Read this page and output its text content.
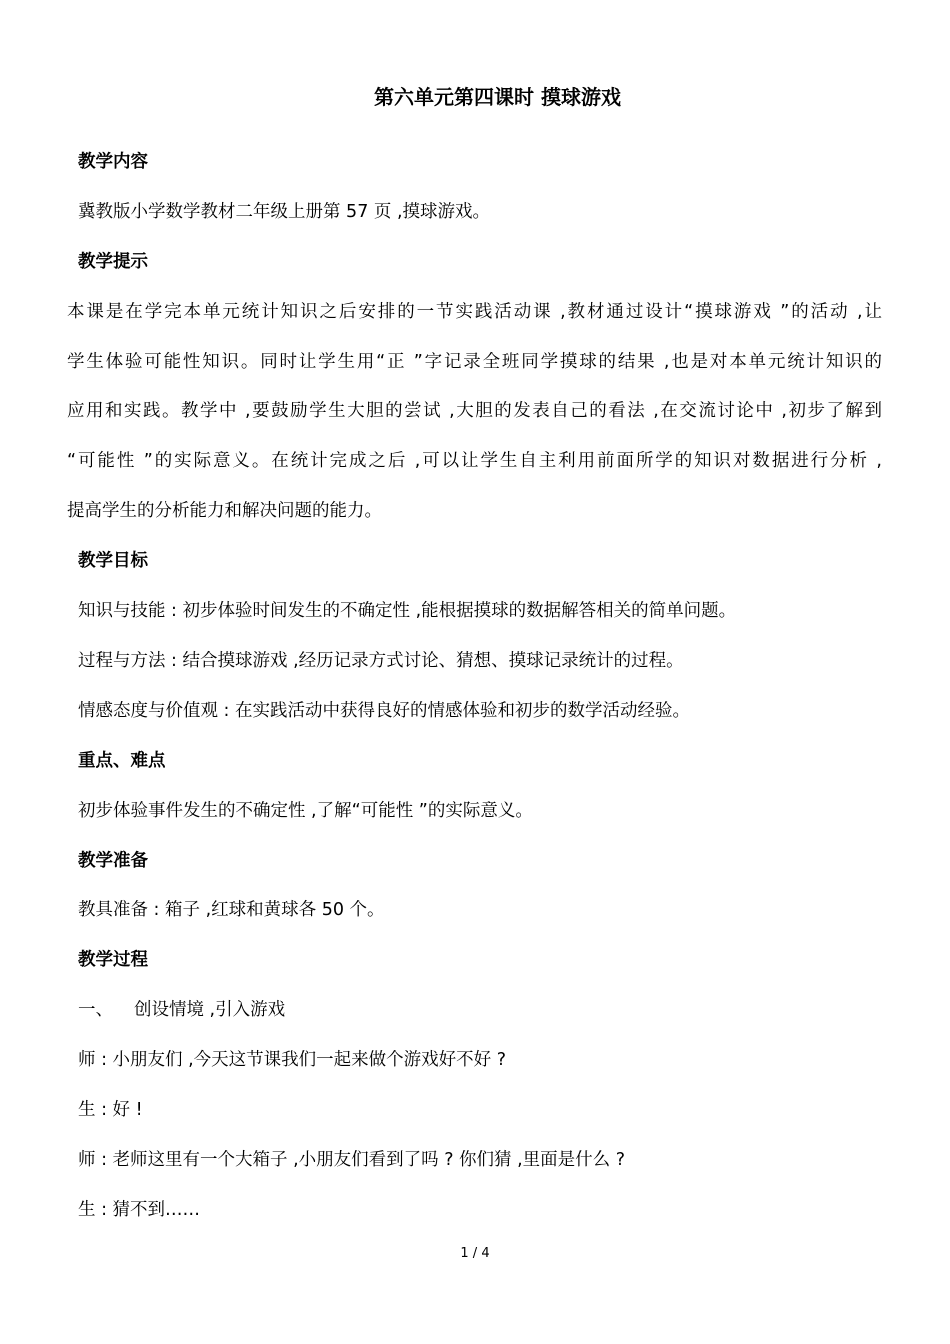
第六单元第四课时 摸球游戏
教学内容
冀教版小学数学教材二年级上册第 57 页 ,摸球游戏。
教学提示
本课是在学完本单元统计知识之后安排的一节实践活动课 ,教材通过设计“摸球游戏 ”的活动 ,让
学生体验可能性知识。同时让学生用“正 ”字记录全班同学摸球的结果 ,也是对本单元统计知识的
应用和实践。教学中 ,要鼓励学生大胆的尝试 ,大胆的发表自己的看法 ,在交流讨论中 ,初步了解到
“可能性 ”的实际意义。在统计完成之后 ,可以让学生自主利用前面所学的知识对数据进行分析 ,
提高学生的分析能力和解决问题的能力。
教学目标
知识与技能 : 初步体验时间发生的不确定性 ,能根据摸球的数据解答相关的简单问题。
过程与方法 : 结合摸球游戏 ,经历记录方式讨论、猜想、摸球记录统计的过程。
情感态度与价值观 : 在实践活动中获得良好的情感体验和初步的数学活动经验。
重点、难点
初步体验事件发生的不确定性 ,了解“可能性 ”的实际意义。
教学准备
教具准备 : 箱子 ,红球和黄球各 50 个。
教学过程
一、 创设情境 ,引入游戏
师 : 小朋友们 ,今天这节课我们一起来做个游戏好不好 ?
生 : 好 !
师 : 老师这里有一个大箱子 ,小朋友们看到了吗 ? 你们猜 ,里面是什么 ?
生 : 猜不到……
1 / 4
